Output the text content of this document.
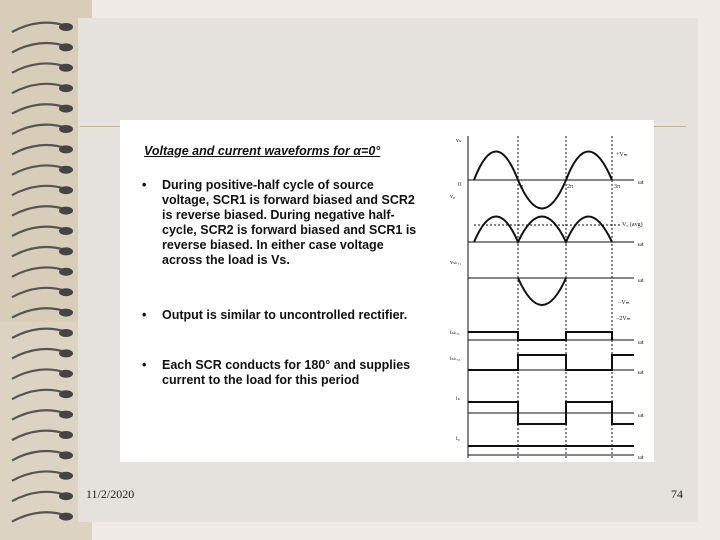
Voltage and current waveforms for α=0°
• During positive-half cycle of source voltage, SCR1 is forward biased and SCR2 is reverse biased. During negative half-cycle, SCR2 is forward biased and SCR1 is reverse biased. In either case voltage across the load is Vs.
• Output is similar to uncontrolled rectifier.
• Each SCR conducts for 180° and supplies current to the load for this period
vₛ
+Vₘ
0	π	2π	3π
ωt
v₀
V₀ (avg)
ωt
vₛₖᵣ₁
ωt
−Vₘ
−2Vₘ
iₛₖᵣ₁
ωt
iₛₖᵣ₂
ωt
iₛ
ωt
i₀
ωt
11/2/2020	74
